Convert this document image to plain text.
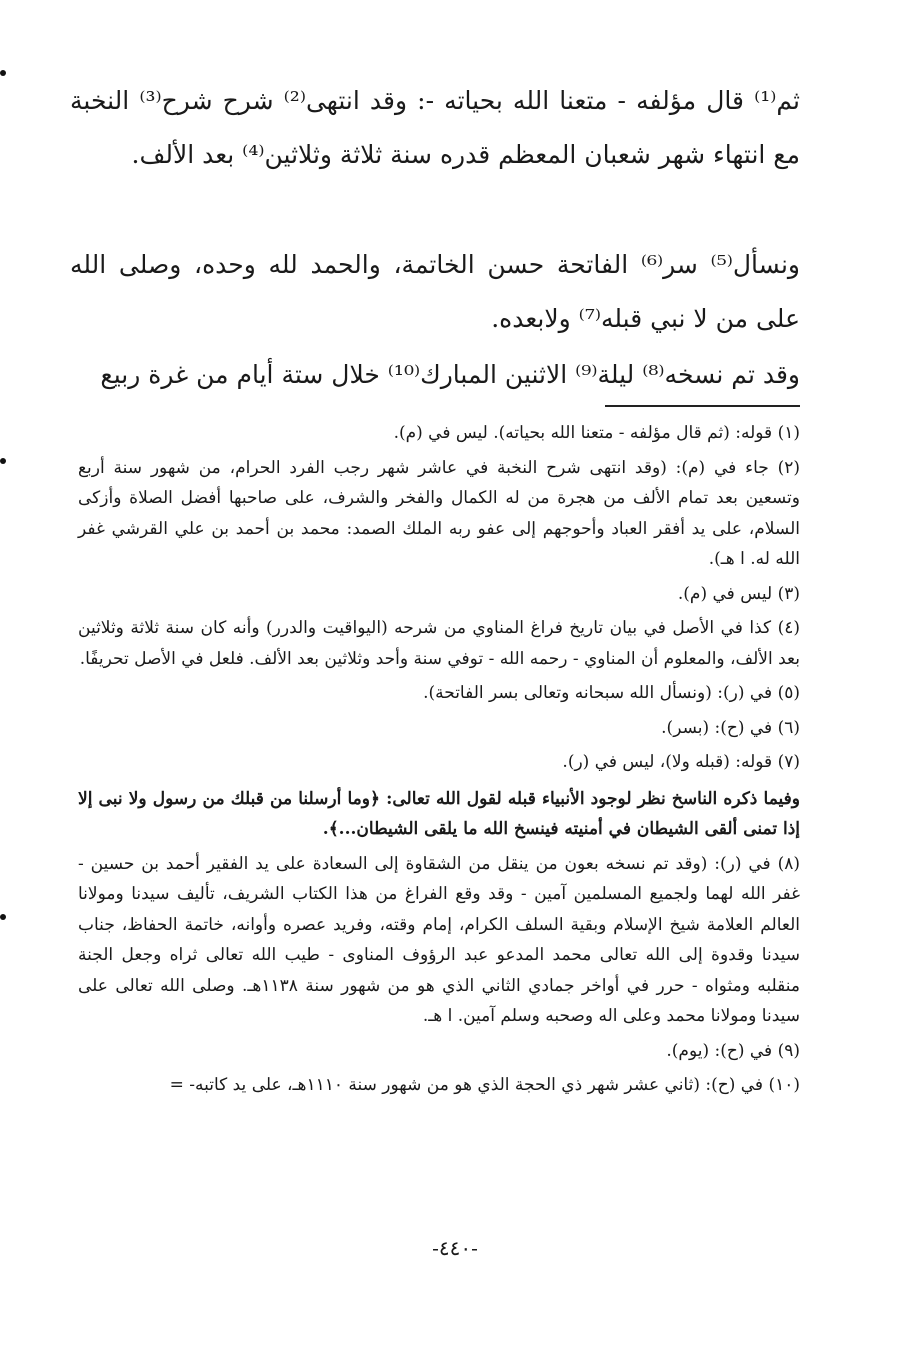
ثم⁽¹⁾ قال مؤلفه - متعنا الله بحياته -: وقد انتهى⁽²⁾ شرح شرح⁽³⁾ النخبة مع انتهاء شهر شعبان المعظم قدره سنة ثلاثة وثلاثين⁽⁴⁾ بعد الألف.

ونسأل⁽⁵⁾ سر⁽⁶⁾ الفاتحة حسن الخاتمة، والحمد لله وحده، وصلى الله على من لا نبي قبله⁽⁷⁾ ولابعده.

وقد تم نسخه⁽⁸⁾ ليلة⁽⁹⁾ الاثنين المبارك⁽¹⁰⁾ خلال ستة أيام من غرة ربيع

(١) قوله: (ثم قال مؤلفه - متعنا الله بحياته). ليس في (م).

(٢) جاء في (م): (وقد انتهى شرح النخبة في عاشر شهر رجب الفرد الحرام، من شهور سنة أربع وتسعين بعد تمام الألف من هجرة من له الكمال والفخر والشرف، على صاحبها أفضل الصلاة وأزكى السلام، على يد أفقر العباد وأحوجهم إلى عفو ربه الملك الصمد: محمد بن أحمد بن علي القرشي غفر الله له. ا هـ).

(٣) ليس في (م).

(٤) كذا في الأصل في بيان تاريخ فراغ المناوي من شرحه (اليواقيت والدرر) وأنه كان سنة ثلاثة وثلاثين بعد الألف، والمعلوم أن المناوي - رحمه الله - توفي سنة وأحد وثلاثين بعد الألف. فلعل في الأصل تحريفًا.

(٥) في (ر): (ونسأل الله سبحانه وتعالى بسر الفاتحة).

(٦) في (ح): (بسر).

(٧) قوله: (قبله ولا)، ليس في (ر).

وفيما ذكره الناسخ نظر لوجود الأنبياء قبله لقول الله تعالى: ﴿وما أرسلنا من قبلك من رسول ولا نبى إلا إذا تمنى ألقى الشيطان في أمنيته فينسخ الله ما يلقى الشيطان...﴾.

(٨) في (ر): (وقد تم نسخه بعون من ينقل من الشقاوة إلى السعادة على يد الفقير أحمد بن حسين - غفر الله لهما ولجميع المسلمين آمين - وقد وقع الفراغ من هذا الكتاب الشريف، تأليف سيدنا ومولانا العالم العلامة شيخ الإسلام وبقية السلف الكرام، إمام وقته، وفريد عصره وأوانه، خاتمة الحفاظ، جناب سيدنا وقدوة إلى الله تعالى محمد المدعو عبد الرؤوف المناوى - طيب الله تعالى ثراه وجعل الجنة منقلبه ومثواه - حرر في أواخر جمادي الثاني الذي هو من شهور سنة ١١٣٨هـ. وصلى الله تعالى على سيدنا ومولانا محمد وعلى اله وصحبه وسلم آمين. ا هـ.

(٩) في (ح): (يوم).

(١٠) في (ح): (ثاني عشر شهر ذي الحجة الذي هو من شهور سنة ١١١٠هـ، على يد كاتبه- =

-٤٤٠-
